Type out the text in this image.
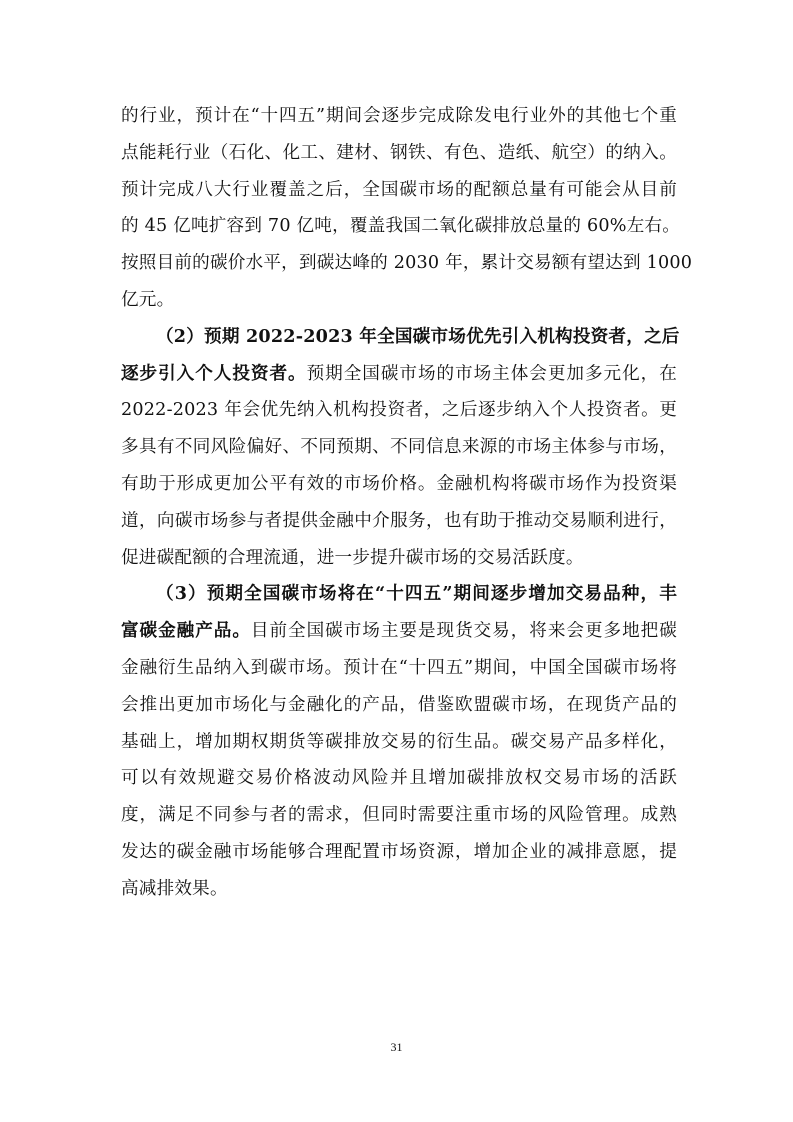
的行业，预计在“十四五”期间会逐步完成除发电行业外的其他七个重
点能耗行业（石化、化工、建材、钢铁、有色、造纸、航空）的纳入。
预计完成八大行业覆盖之后，全国碳市场的配额总量有可能会从目前
的 45 亿吨扩容到 70 亿吨，覆盖我国二氧化碳排放总量的 60%左右。
按照目前的碳价水平，到碳达峰的 2030 年，累计交易额有望达到 1000
亿元。
（2）预期 2022-2023 年全国碳市场优先引入机构投资者，之后
逐步引入个人投资者。预期全国碳市场的市场主体会更加多元化，在
2022-2023 年会优先纳入机构投资者，之后逐步纳入个人投资者。更
多具有不同风险偏好、不同预期、不同信息来源的市场主体参与市场，
有助于形成更加公平有效的市场价格。金融机构将碳市场作为投资渠
道，向碳市场参与者提供金融中介服务，也有助于推动交易顺利进行，
促进碳配额的合理流通，进一步提升碳市场的交易活跃度。
（3）预期全国碳市场将在“十四五”期间逐步增加交易品种，丰
富碳金融产品。目前全国碳市场主要是现货交易，将来会更多地把碳
金融衍生品纳入到碳市场。预计在“十四五”期间，中国全国碳市场将
会推出更加市场化与金融化的产品，借鉴欧盟碳市场，在现货产品的
基础上，增加期权期货等碳排放交易的衍生品。碳交易产品多样化，
可以有效规避交易价格波动风险并且增加碳排放权交易市场的活跃
度，满足不同参与者的需求，但同时需要注重市场的风险管理。成熟
发达的碳金融市场能够合理配置市场资源，增加企业的减排意愿，提
高减排效果。
31
